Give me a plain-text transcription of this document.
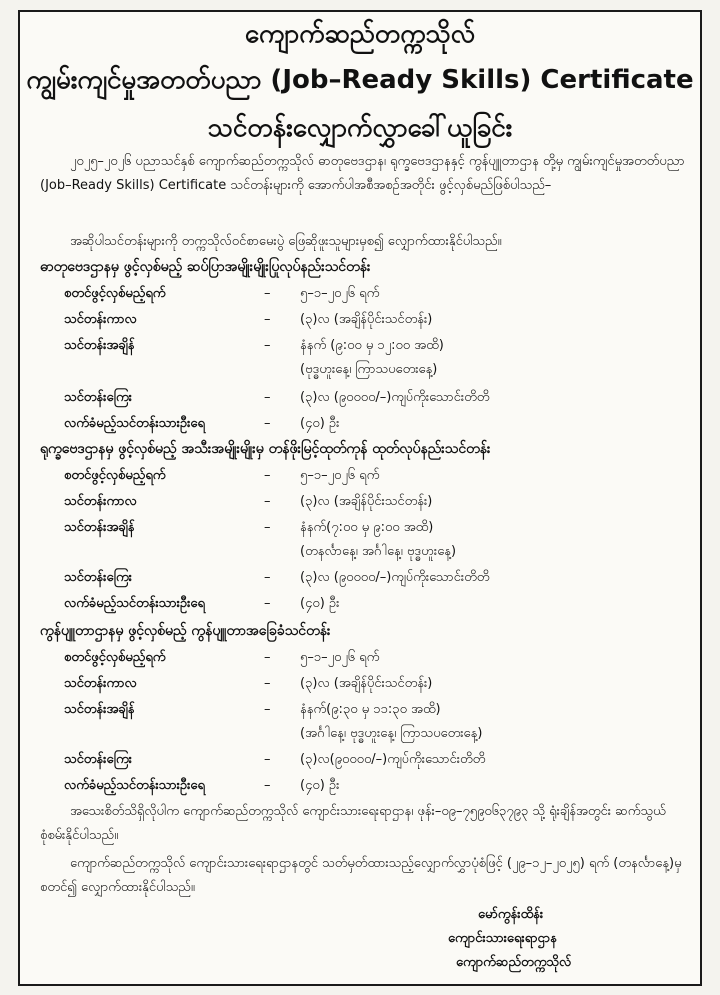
ကျောက်ဆည်တက္ကသိုလ်
ကျွမ်းကျင်မှုအတတ်ပညာ (Job–Ready Skills) Certificate
သင်တန်းလျှောက်လွှာခေါ်ယူခြင်း

၂၀၂၅–၂၀၂၆ ပညာသင်နှစ် ကျောက်ဆည်တက္ကသိုလ် ဓာတုဗေဒဌာန၊ ရုက္ခဗေဒဌာနနှင့် ကွန်ပျူတာဌာန တို့မှ ကျွမ်းကျင်မှုအတတ်ပညာ (Job–Ready Skills) Certificate သင်တန်းများကို အောက်ပါအစီအစဉ်အတိုင်း ဖွင့်လှစ်မည်ဖြစ်ပါသည်–

အဆိုပါသင်တန်းများကို တက္ကသိုလ်ဝင်စာမေးပွဲ ဖြေဆိုဖူးသူများမှစ၍ လျှောက်ထားနိုင်ပါသည်။

ဓာတုဗေဒဌာနမှ ဖွင့်လှစ်မည့် ဆပ်ပြာအမျိုးမျိုးပြုလုပ်နည်းသင်တန်း
စတင်ဖွင့်လှစ်မည့်ရက်	– ၅–၁–၂၀၂၆ ရက်
သင်တန်းကာလ	– (၃)လ (အချိန်ပိုင်းသင်တန်း)
သင်တန်းအချိန်	– နံနက် (၉:၀၀ မှ ၁၂:၀၀ အထိ)
(ဗုဒ္ဓဟူးနေ့၊ ကြာသပတေးနေ့)
သင်တန်းကြေး	– (၃)လ (၉၀၀၀ဝ/–)ကျပ်ကိုးသောင်းတိတိ
လက်ခံမည့်သင်တန်းသားဦးရေ	– (၄၀) ဦး
ရုက္ခဗေဒဌာနမှ ဖွင့်လှစ်မည့် အသီးအမျိုးမျိုးမှ တန်ဖိုးမြင့်ထုတ်ကုန် ထုတ်လုပ်နည်းသင်တန်း
စတင်ဖွင့်လှစ်မည့်ရက်	– ၅–၁–၂၀၂၆ ရက်
သင်တန်းကာလ	– (၃)လ (အချိန်ပိုင်းသင်တန်း)
သင်တန်းအချိန်	– နံနက်(၇:၀၀ မှ ၉:၀၀ အထိ)
(တနင်္လာနေ့၊ အင်္ဂါနေ့၊ ဗုဒ္ဓဟူးနေ့)
သင်တန်းကြေး	– (၃)လ (၉၀၀၀ဝ/–)ကျပ်ကိုးသောင်းတိတိ
လက်ခံမည့်သင်တန်းသားဦးရေ	– (၄၀) ဦး
ကွန်ပျူတာဌာနမှ ဖွင့်လှစ်မည့် ကွန်ပျူတာအခြေခံသင်တန်း
စတင်ဖွင့်လှစ်မည့်ရက်	– ၅–၁–၂၀၂၆ ရက်
သင်တန်းကာလ	– (၃)လ (အချိန်ပိုင်းသင်တန်း)
သင်တန်းအချိန်	– နံနက်(၉:၃၀ မှ ၁၁:၃၀ အထိ)
(အင်္ဂါနေ့၊ ဗုဒ္ဓဟူးနေ့၊ ကြာသပတေးနေ့)
သင်တန်းကြေး	– (၃)လ(၉၀၀၀ဝ/–)ကျပ်ကိုးသောင်းတိတိ
လက်ခံမည့်သင်တန်းသားဦးရေ	– (၄၀) ဦး

အသေးစိတ်သိရှိလိုပါက ကျောက်ဆည်တက္ကသိုလ် ကျောင်းသားရေးရာဌာန၊ ဖုန်း–၀၉–၇၅၉၀၆၃၇၉၃ သို့ ရုံးချိန်အတွင်း ဆက်သွယ်စုံစမ်းနိုင်ပါသည်။

ကျောက်ဆည်တက္ကသိုလ် ကျောင်းသားရေးရာဌာနတွင် သတ်မှတ်ထားသည့်လျှောက်လွှာပုံစံဖြင့် (၂၉–၁၂–၂၀၂၅) ရက် (တနင်္လာနေ့)မှ စတင်၍ လျှောက်ထားနိုင်ပါသည်။

မော်ကွန်းထိန်း
ကျောင်းသားရေးရာဌာန
ကျောက်ဆည်တက္ကသိုလ်
